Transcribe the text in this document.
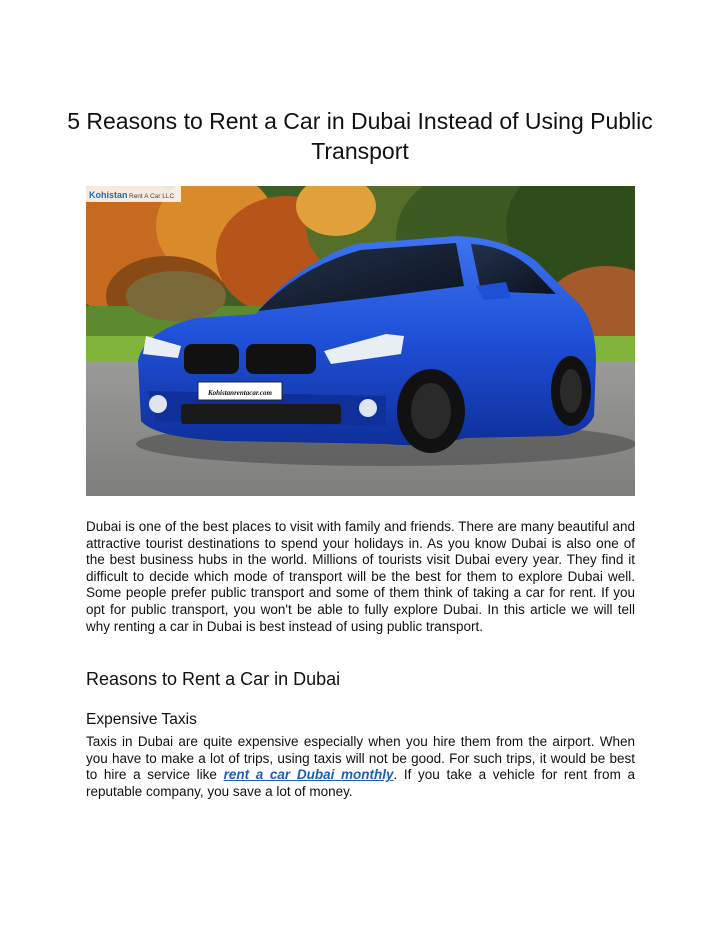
5 Reasons to Rent a Car in Dubai Instead of Using Public Transport
Kohistanrentacar.com
Kohistan Rent A Car LLC

Dubai is one of the best places to visit with family and friends. There are many beautiful and attractive tourist destinations to spend your holidays in. As you know Dubai is also one of the best business hubs in the world. Millions of tourists visit Dubai every year. They find it difficult to decide which mode of transport will be the best for them to explore Dubai well. Some people prefer public transport and some of them think of taking a car for rent. If you opt for public transport, you won't be able to fully explore Dubai. In this article we will tell why renting a car in Dubai is best instead of using public transport.

Reasons to Rent a Car in Dubai
Expensive Taxis

Taxis in Dubai are quite expensive especially when you hire them from the airport. When you have to make a lot of trips, using taxis will not be good. For such trips, it would be best to hire a service like rent a car Dubai monthly. If you take a vehicle for rent from a reputable company, you save a lot of money.
